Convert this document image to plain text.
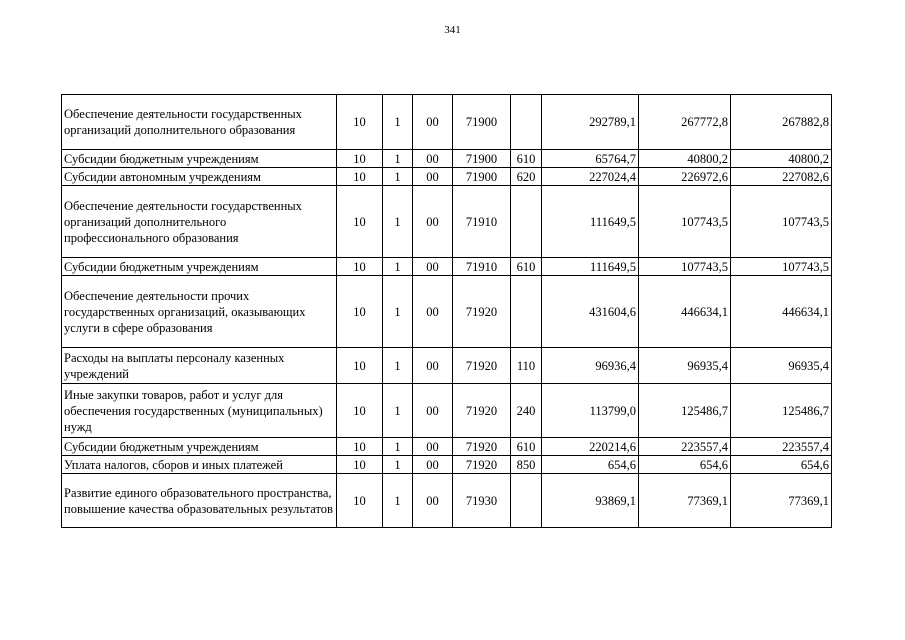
341
Обеспечение деятельности государственных организаций дополнительного образования	10	1	00	71900		292789,1	267772,8	267882,8
Субсидии бюджетным учреждениям	10	1	00	71900	610	65764,7	40800,2	40800,2
Субсидии автономным учреждениям	10	1	00	71900	620	227024,4	226972,6	227082,6
Обеспечение деятельности государственных организаций дополнительного профессионального образования	10	1	00	71910		111649,5	107743,5	107743,5
Субсидии бюджетным учреждениям	10	1	00	71910	610	111649,5	107743,5	107743,5
Обеспечение деятельности прочих государственных организаций, оказывающих услуги в сфере образования	10	1	00	71920		431604,6	446634,1	446634,1
Расходы на выплаты персоналу казенных учреждений	10	1	00	71920	110	96936,4	96935,4	96935,4
Иные закупки товаров, работ и услуг для обеспечения государственных (муниципальных) нужд	10	1	00	71920	240	113799,0	125486,7	125486,7
Субсидии бюджетным учреждениям	10	1	00	71920	610	220214,6	223557,4	223557,4
Уплата налогов, сборов и иных платежей	10	1	00	71920	850	654,6	654,6	654,6
Развитие единого образовательного пространства, повышение качества образовательных результатов	10	1	00	71930		93869,1	77369,1	77369,1
